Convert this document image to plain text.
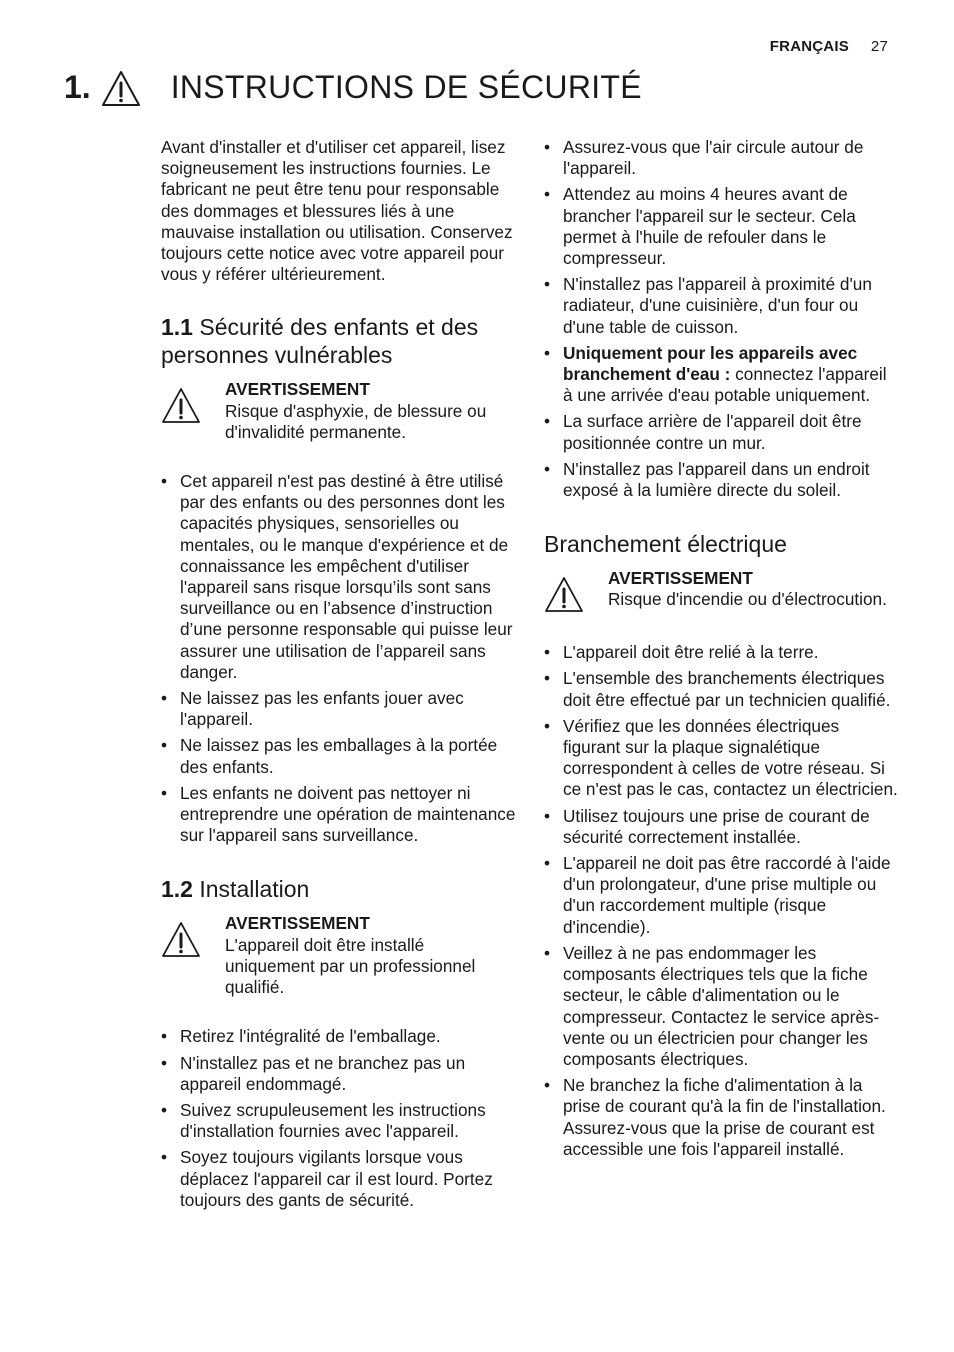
FRANÇAIS 27
1.	INSTRUCTIONS DE SÉCURITÉ

Avant d'installer et d'utiliser cet appareil, lisez soigneusement les instructions fournies. Le fabricant ne peut être tenu pour responsable des dommages et blessures liés à une mauvaise installation ou utilisation. Conservez toujours cette notice avec votre appareil pour vous y référer ultérieurement.

1.1 Sécurité des enfants et des personnes vulnérables
AVERTISSEMENT
Risque d'asphyxie, de blessure ou d'invalidité permanente.
• Cet appareil n'est pas destiné à être utilisé par des enfants ou des personnes dont les capacités physiques, sensorielles ou mentales, ou le manque d'expérience et de connaissance les empêchent d'utiliser l'appareil sans risque lorsqu’ils sont sans surveillance ou en l’absence d’instruction d’une personne responsable qui puisse leur assurer une utilisation de l’appareil sans danger.
• Ne laissez pas les enfants jouer avec l'appareil.
• Ne laissez pas les emballages à la portée des enfants.
• Les enfants ne doivent pas nettoyer ni entreprendre une opération de maintenance sur l'appareil sans surveillance.
1.2 Installation
AVERTISSEMENT
L'appareil doit être installé uniquement par un professionnel qualifié.
• Retirez l'intégralité de l'emballage.
• N'installez pas et ne branchez pas un appareil endommagé.
• Suivez scrupuleusement les instructions d'installation fournies avec l'appareil.
• Soyez toujours vigilants lorsque vous déplacez l'appareil car il est lourd. Portez toujours des gants de sécurité.
• Assurez-vous que l'air circule autour de l'appareil.
• Attendez au moins 4 heures avant de brancher l'appareil sur le secteur. Cela permet à l'huile de refouler dans le compresseur.
• N'installez pas l'appareil à proximité d'un radiateur, d'une cuisinière, d'un four ou d'une table de cuisson.
• Uniquement pour les appareils avec branchement d'eau : connectez l'appareil à une arrivée d'eau potable uniquement.
• La surface arrière de l'appareil doit être positionnée contre un mur.
• N'installez pas l'appareil dans un endroit exposé à la lumière directe du soleil.
Branchement électrique
AVERTISSEMENT
Risque d'incendie ou d'électrocution.
• L'appareil doit être relié à la terre.
• L'ensemble des branchements électriques doit être effectué par un technicien qualifié.
• Vérifiez que les données électriques figurant sur la plaque signalétique correspondent à celles de votre réseau. Si ce n'est pas le cas, contactez un électricien.
• Utilisez toujours une prise de courant de sécurité correctement installée.
• L'appareil ne doit pas être raccordé à l'aide d'un prolongateur, d'une prise multiple ou d'un raccordement multiple (risque d'incendie).
• Veillez à ne pas endommager les composants électriques tels que la fiche secteur, le câble d'alimentation ou le compresseur. Contactez le service après-vente ou un électricien pour changer les composants électriques.
• Ne branchez la fiche d'alimentation à la prise de courant qu'à la fin de l'installation. Assurez-vous que la prise de courant est accessible une fois l'appareil installé.
